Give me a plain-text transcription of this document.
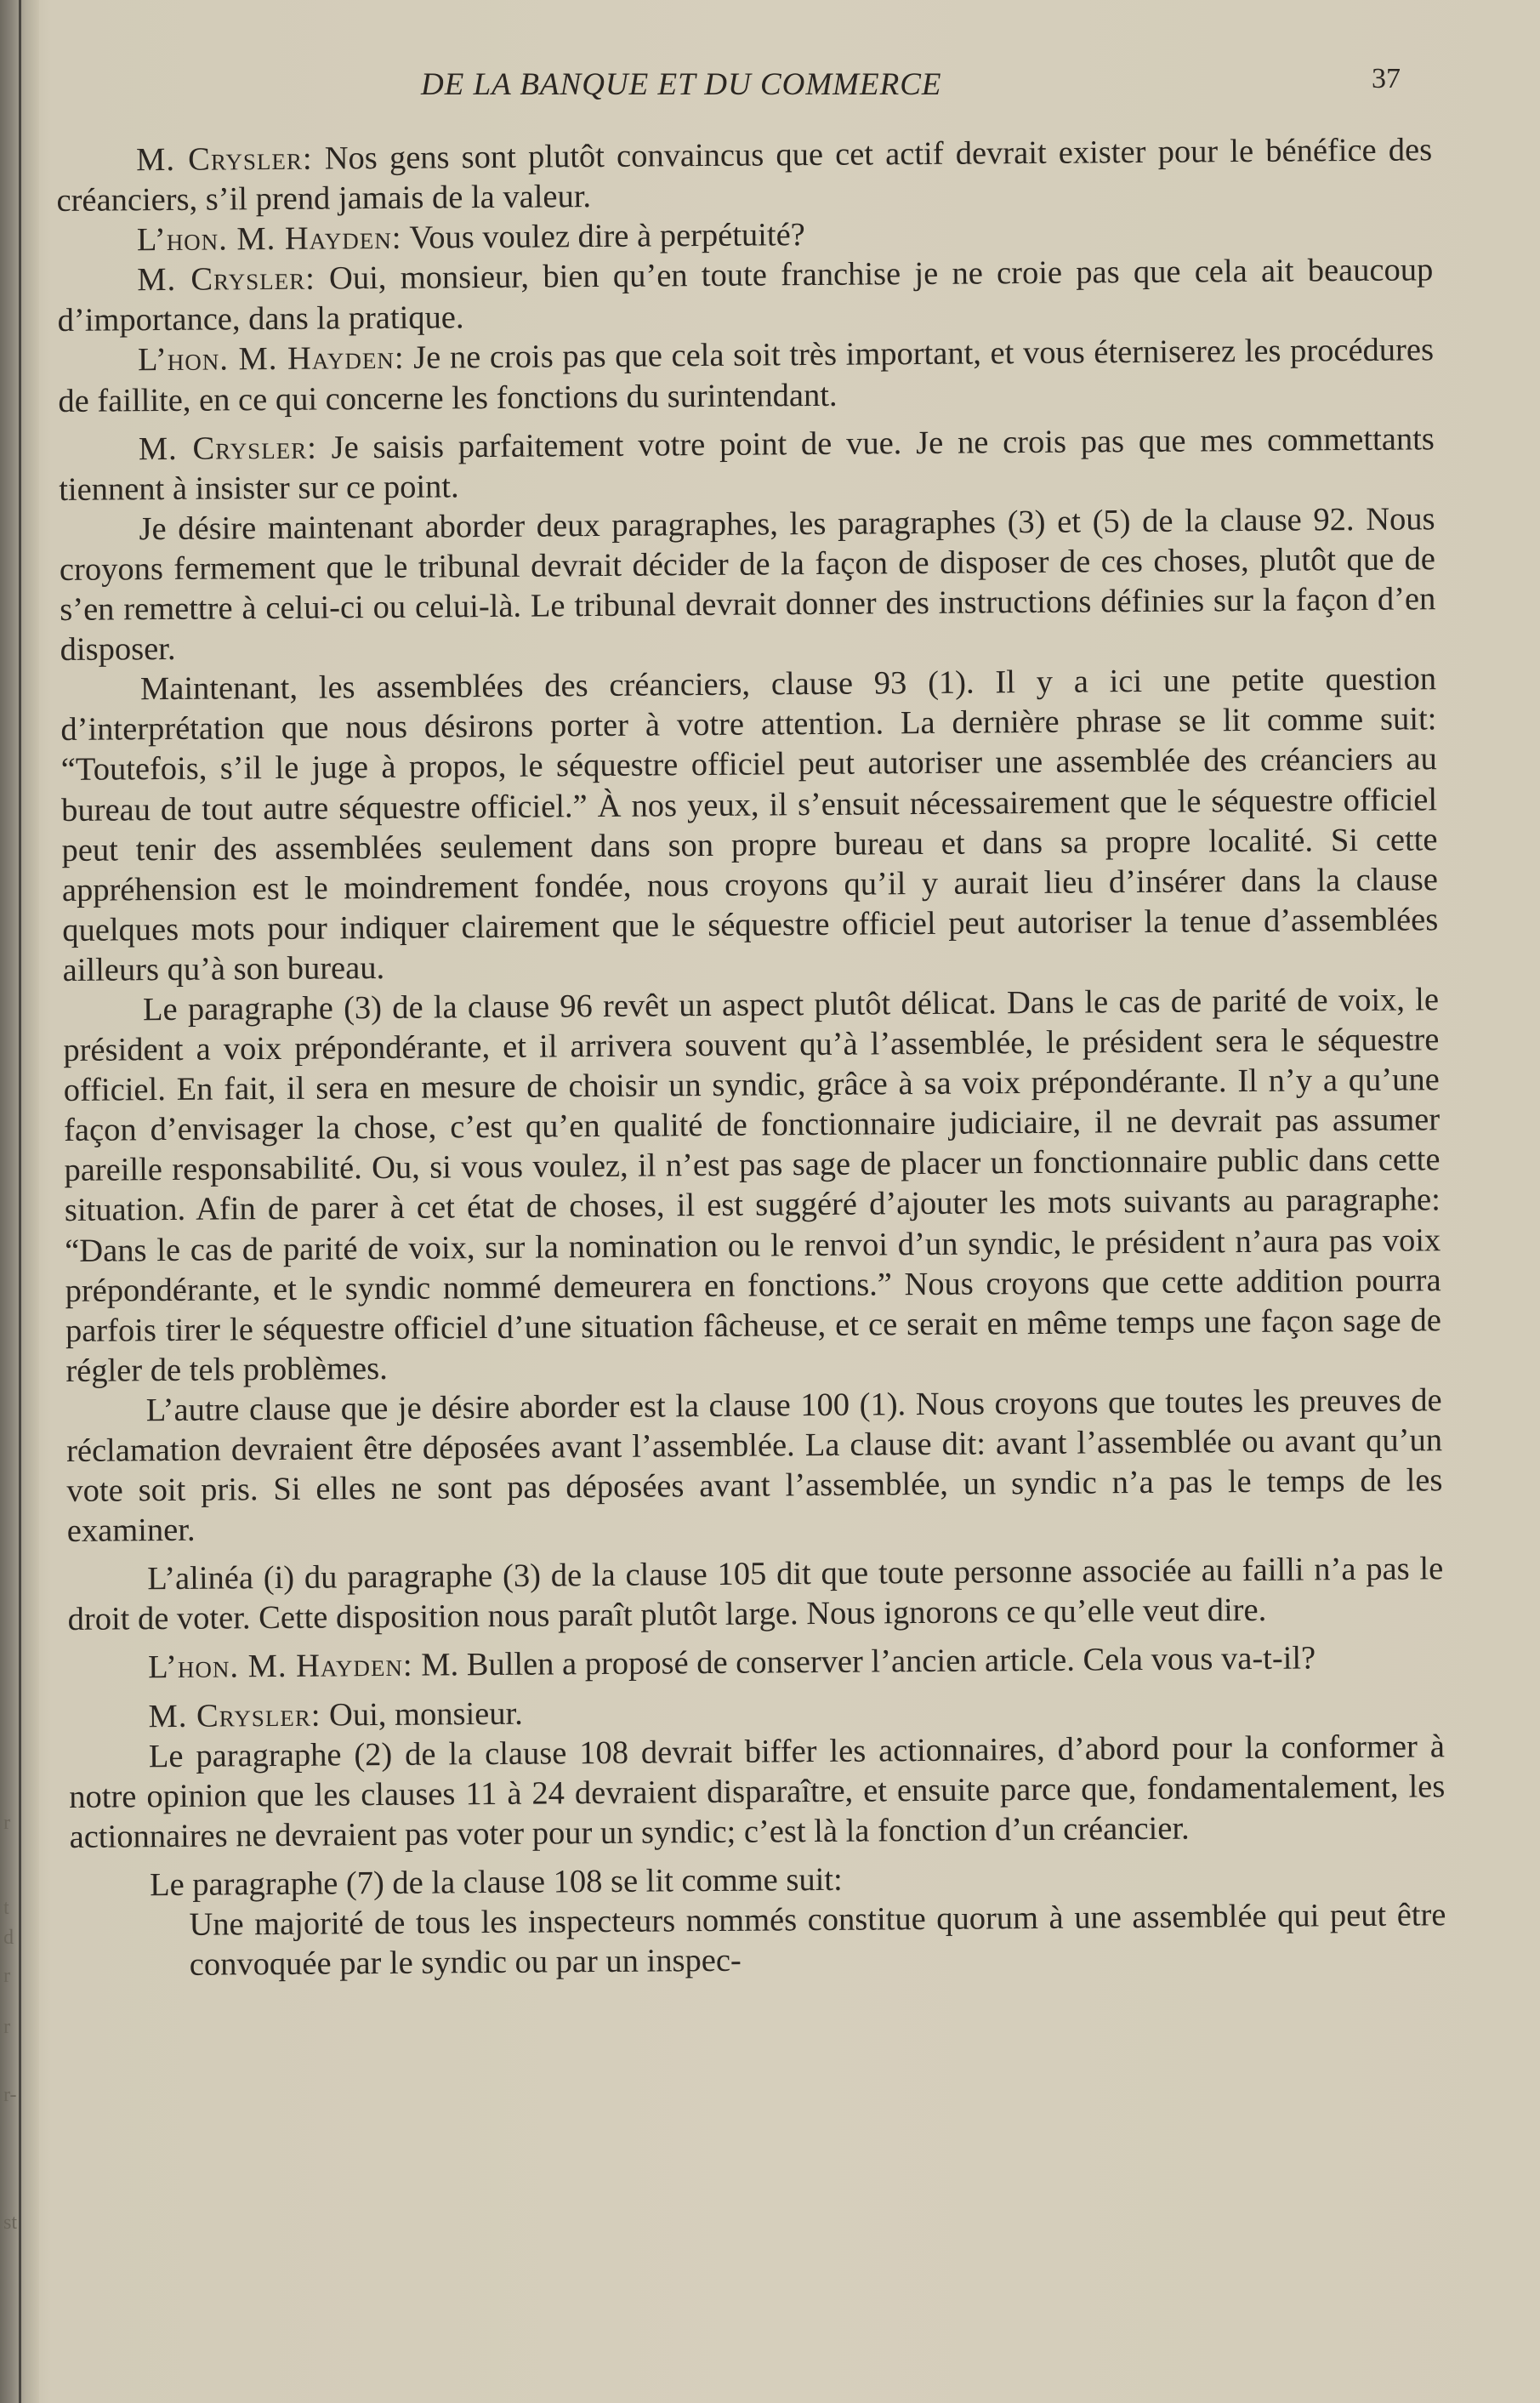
r
t
d
r
r
r-
st
DE LA BANQUE ET DU COMMERCE	37

M. Crysler: Nos gens sont plutôt convaincus que cet actif devrait exister pour le bénéfice des créanciers, s’il prend jamais de la valeur.

L’hon. M. Hayden: Vous voulez dire à perpétuité?

M. Crysler: Oui, monsieur, bien qu’en toute franchise je ne croie pas que cela ait beaucoup d’importance, dans la pratique.

L’hon. M. Hayden: Je ne crois pas que cela soit très important, et vous éterniserez les procédures de faillite, en ce qui concerne les fonctions du surintendant.

M. Crysler: Je saisis parfaitement votre point de vue. Je ne crois pas que mes commettants tiennent à insister sur ce point.

Je désire maintenant aborder deux paragraphes, les paragraphes (3) et (5) de la clause 92. Nous croyons fermement que le tribunal devrait décider de la façon de disposer de ces choses, plutôt que de s’en remettre à celui-ci ou celui-là. Le tribunal devrait donner des instructions définies sur la façon d’en disposer.

Maintenant, les assemblées des créanciers, clause 93 (1). Il y a ici une petite question d’interprétation que nous désirons porter à votre attention. La dernière phrase se lit comme suit: “Toutefois, s’il le juge à propos, le séquestre officiel peut autoriser une assemblée des créanciers au bureau de tout autre séquestre officiel.” À nos yeux, il s’ensuit nécessairement que le séquestre officiel peut tenir des assemblées seulement dans son propre bureau et dans sa propre localité. Si cette appréhension est le moindrement fondée, nous croyons qu’il y aurait lieu d’insérer dans la clause quelques mots pour indiquer clairement que le séquestre officiel peut autoriser la tenue d’assemblées ailleurs qu’à son bureau.

Le paragraphe (3) de la clause 96 revêt un aspect plutôt délicat. Dans le cas de parité de voix, le président a voix prépondérante, et il arrivera souvent qu’à l’assemblée, le président sera le séquestre officiel. En fait, il sera en mesure de choisir un syndic, grâce à sa voix prépondérante. Il n’y a qu’une façon d’envisager la chose, c’est qu’en qualité de fonctionnaire judiciaire, il ne devrait pas assumer pareille responsabilité. Ou, si vous voulez, il n’est pas sage de placer un fonctionnaire public dans cette situation. Afin de parer à cet état de choses, il est suggéré d’ajouter les mots suivants au paragraphe: “Dans le cas de parité de voix, sur la nomination ou le renvoi d’un syndic, le président n’aura pas voix prépondérante, et le syndic nommé demeurera en fonctions.” Nous croyons que cette addition pourra parfois tirer le séquestre officiel d’une situation fâcheuse, et ce serait en même temps une façon sage de régler de tels problèmes.

L’autre clause que je désire aborder est la clause 100 (1). Nous croyons que toutes les preuves de réclamation devraient être déposées avant l’assemblée. La clause dit: avant l’assemblée ou avant qu’un vote soit pris. Si elles ne sont pas déposées avant l’assemblée, un syndic n’a pas le temps de les examiner.

L’alinéa (i) du paragraphe (3) de la clause 105 dit que toute personne associée au failli n’a pas le droit de voter. Cette disposition nous paraît plutôt large. Nous ignorons ce qu’elle veut dire.

L’hon. M. Hayden: M. Bullen a proposé de conserver l’ancien article. Cela vous va-t-il?

M. Crysler: Oui, monsieur.

Le paragraphe (2) de la clause 108 devrait biffer les actionnaires, d’abord pour la conformer à notre opinion que les clauses 11 à 24 devraient disparaître, et ensuite parce que, fondamentalement, les actionnaires ne devraient pas voter pour un syndic; c’est là la fonction d’un créancier.

Le paragraphe (7) de la clause 108 se lit comme suit:

Une majorité de tous les inspecteurs nommés constitue quorum à une assemblée qui peut être convoquée par le syndic ou par un inspec-
